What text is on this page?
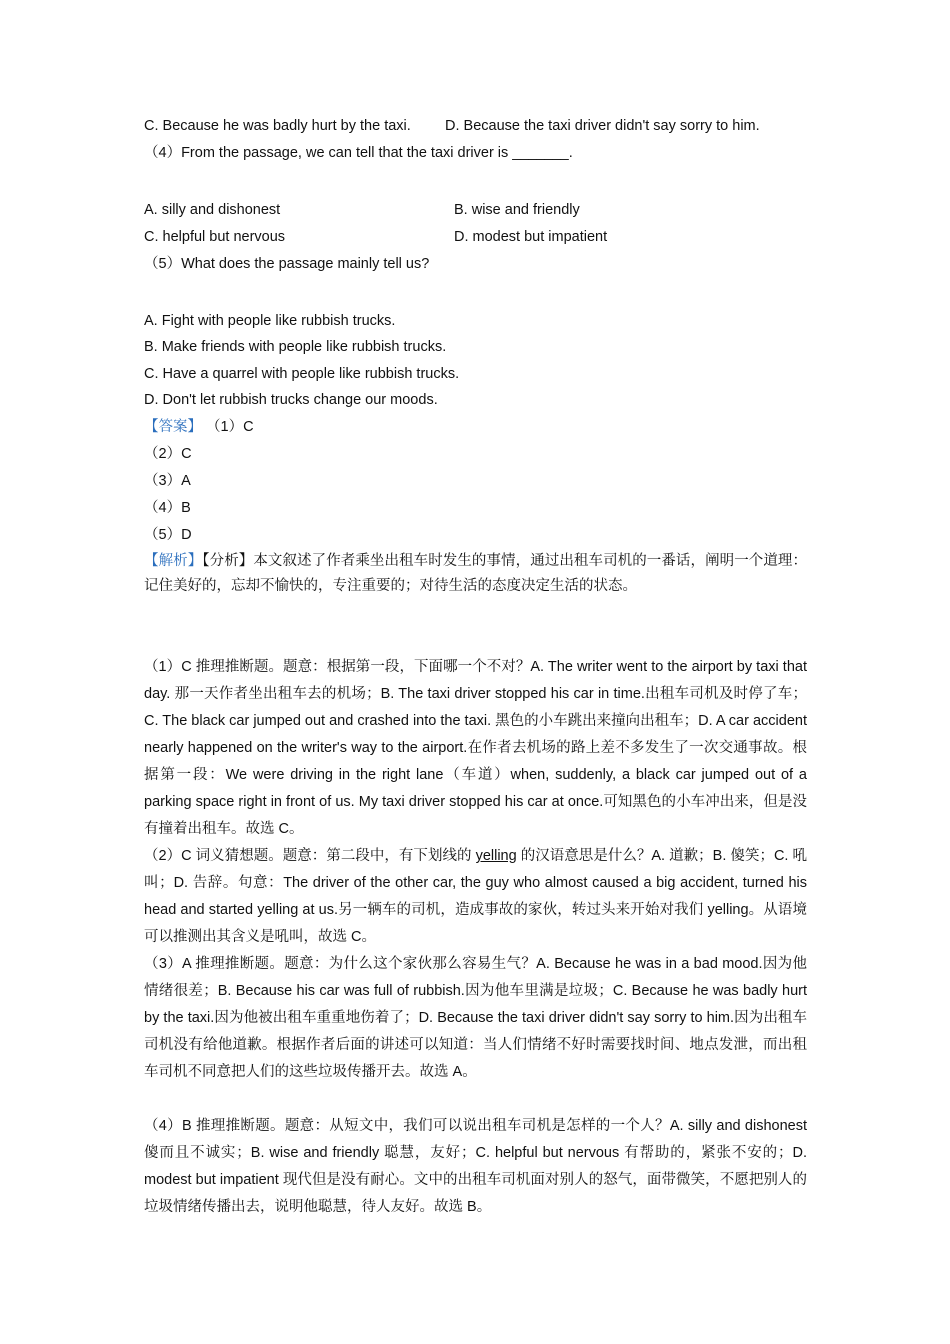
C. Because he was badly hurt by the taxi. D. Because the taxi driver didn't say sorry to him.
（4）From the passage, we can tell that the taxi driver is _______.
A. silly and dishonest	B. wise and friendly
C. helpful but nervous	D. modest but impatient
（5）What does the passage mainly tell us?
A. Fight with people like rubbish trucks.
B. Make friends with people like rubbish trucks.
C. Have a quarrel with people like rubbish trucks.
D. Don't let rubbish trucks change our moods.
【答案】 （1）C
（2）C
（3）A
（4）B
（5）D
【解析】【分析】本文叙述了作者乘坐出租车时发生的事情，通过出租车司机的一番话，阐明一个道理：记住美好的，忘却不愉快的，专注重要的；对待生活的态度决定生活的状态。
（1）C 推理推断题。题意：根据第一段，下面哪一个不对？A. The writer went to the airport by taxi that day. 那一天作者坐出租车去的机场；B. The taxi driver stopped his car in time.出租车司机及时停了车；C. The black car jumped out and crashed into the taxi. 黑色的小车跳出来撞向出租车；D. A car accident nearly happened on the writer's way to the airport.在作者去机场的路上差不多发生了一次交通事故。根据第一段：We were driving in the right lane（车道）when, suddenly, a black car jumped out of a parking space right in front of us. My taxi driver stopped his car at once.可知黑色的小车冲出来，但是没有撞着出租车。故选 C。
（2）C 词义猜想题。题意：第二段中，有下划线的 yelling 的汉语意思是什么？A. 道歉；B. 傻笑；C. 吼叫；D. 告辞。句意：The driver of the other car, the guy who almost caused a big accident, turned his head and started yelling at us.另一辆车的司机，造成事故的家伙，转过头来开始对我们 yelling。从语境可以推测出其含义是吼叫，故选 C。
（3）A 推理推断题。题意：为什么这个家伙那么容易生气？A. Because he was in a bad mood.因为他情绪很差；B. Because his car was full of rubbish.因为他车里满是垃圾；C. Because he was badly hurt by the taxi.因为他被出租车重重地伤着了；D. Because the taxi driver didn't say sorry to him.因为出租车司机没有给他道歉。根据作者后面的讲述可以知道：当人们情绪不好时需要找时间、地点发泄，而出租车司机不同意把人们的这些垃圾传播开去。故选 A。
（4）B 推理推断题。题意：从短文中，我们可以说出租车司机是怎样的一个人？A. silly and dishonest 傻而且不诚实；B. wise and friendly 聪慧，友好；C. helpful but nervous 有帮助的，紧张不安的；D. modest but impatient 现代但是没有耐心。文中的出租车司机面对别人的怒气，面带微笑，不愿把别人的垃圾情绪传播出去，说明他聪慧，待人友好。故选 B。
